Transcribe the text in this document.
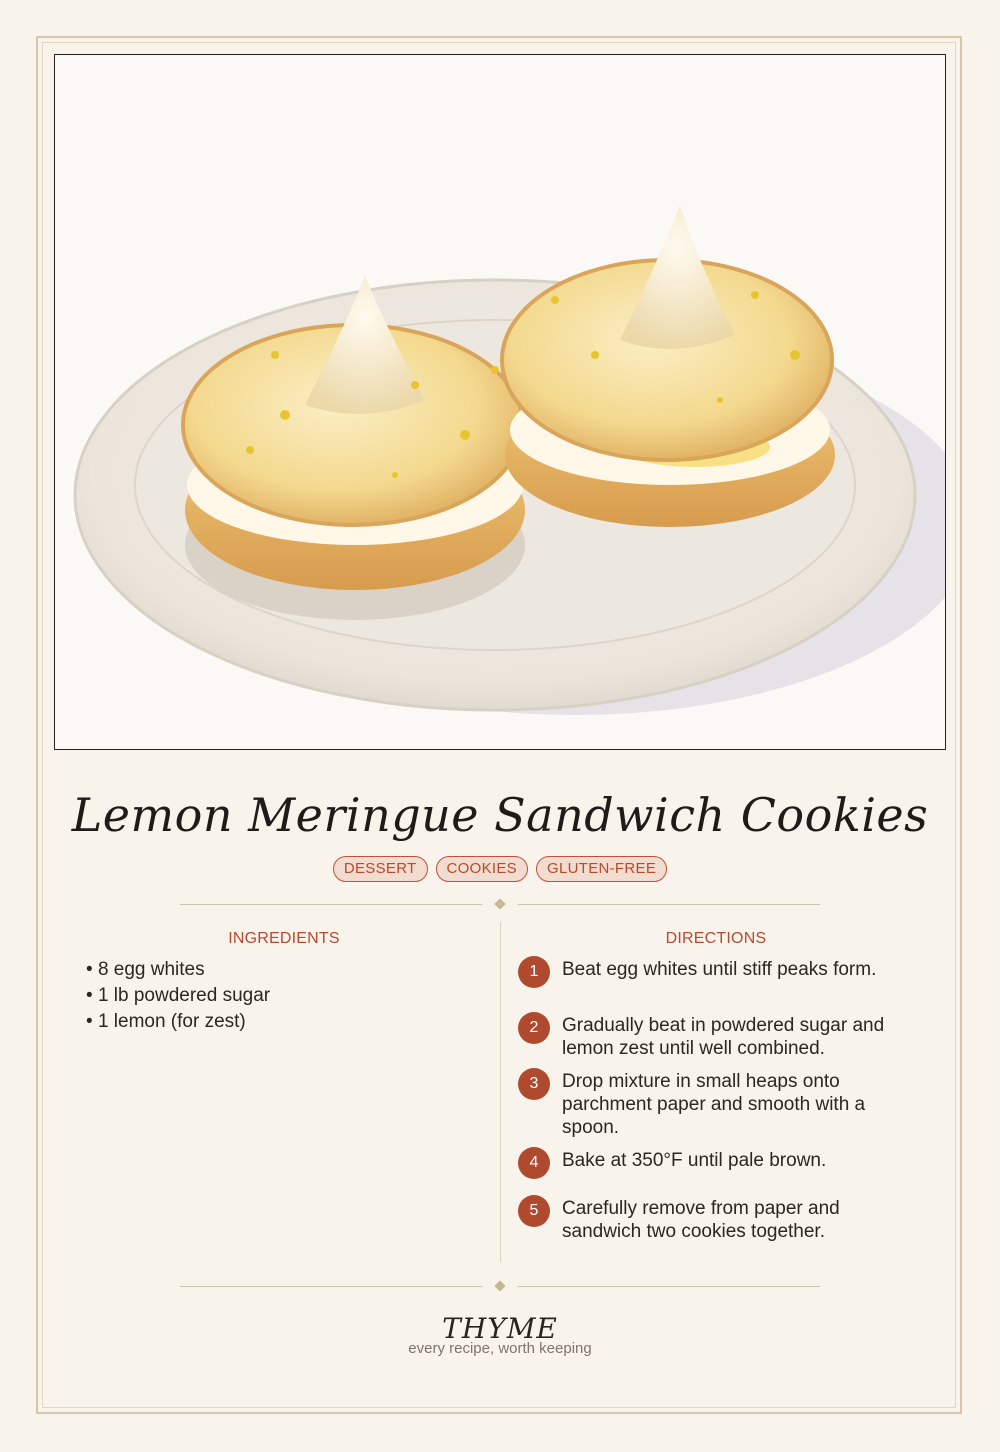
Lemon Meringue Sandwich Cookies
DESSERT	COOKIES	GLUTEN-FREE
INGREDIENTS
• 8 egg whites
• 1 lb powdered sugar
• 1 lemon (for zest)
DIRECTIONS
1	Beat egg whites until stiff peaks form.
2	Gradually beat in powdered sugar and lemon zest until well combined.
3	Drop mixture in small heaps onto parchment paper and smooth with a spoon.
4	Bake at 350°F until pale brown.
5	Carefully remove from paper and sandwich two cookies together.
THYME
every recipe, worth keeping
